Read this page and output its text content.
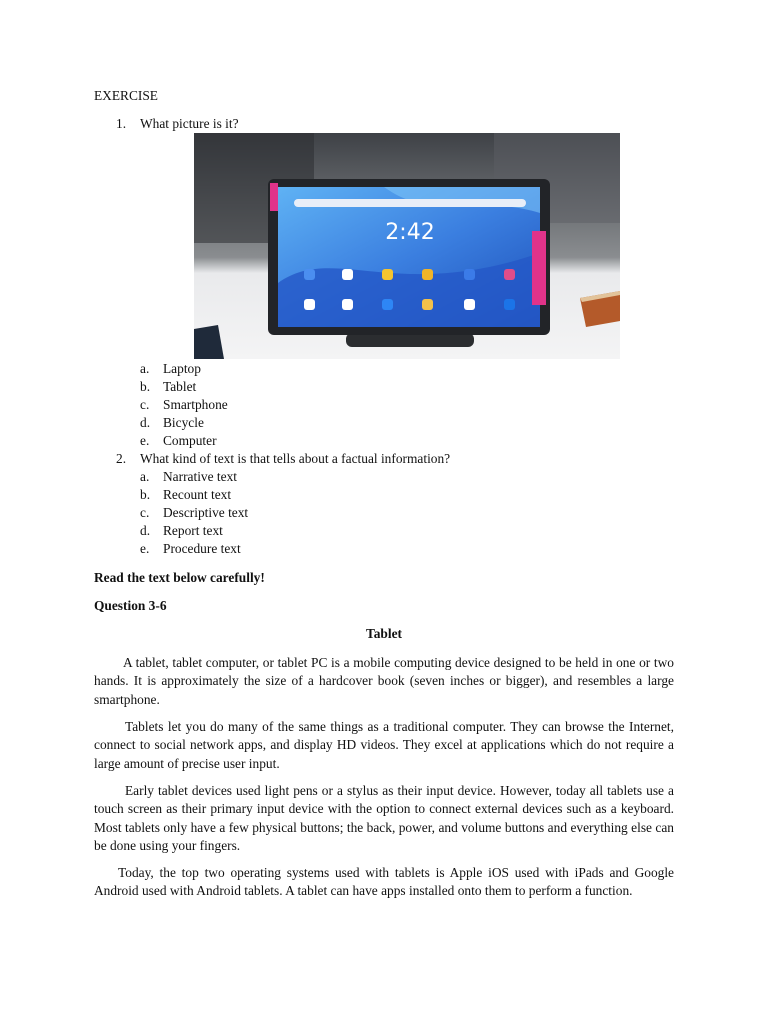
EXERCISE
1. What picture is it?
2:42
a. Laptop
b. Tablet
c. Smartphone
d. Bicycle
e. Computer
2. What kind of text is that tells about a factual information?
a. Narrative text
b. Recount text
c. Descriptive text
d. Report text
e. Procedure text
Read the text below carefully!
Question 3-6
Tablet
A tablet, tablet computer, or tablet PC is a mobile computing device designed to be held in one or two hands. It is approximately the size of a hardcover book (seven inches or bigger), and resembles a large smartphone.
Tablets let you do many of the same things as a traditional computer. They can browse the Internet, connect to social network apps, and display HD videos. They excel at applications which do not require a large amount of precise user input.
Early tablet devices used light pens or a stylus as their input device. However, today all tablets use a touch screen as their primary input device with the option to connect external devices such as a keyboard. Most tablets only have a few physical buttons; the back, power, and volume buttons and everything else can be done using your fingers.
Today, the top two operating systems used with tablets is Apple iOS used with iPads and Google Android used with Android tablets. A tablet can have apps installed onto them to perform a function.
